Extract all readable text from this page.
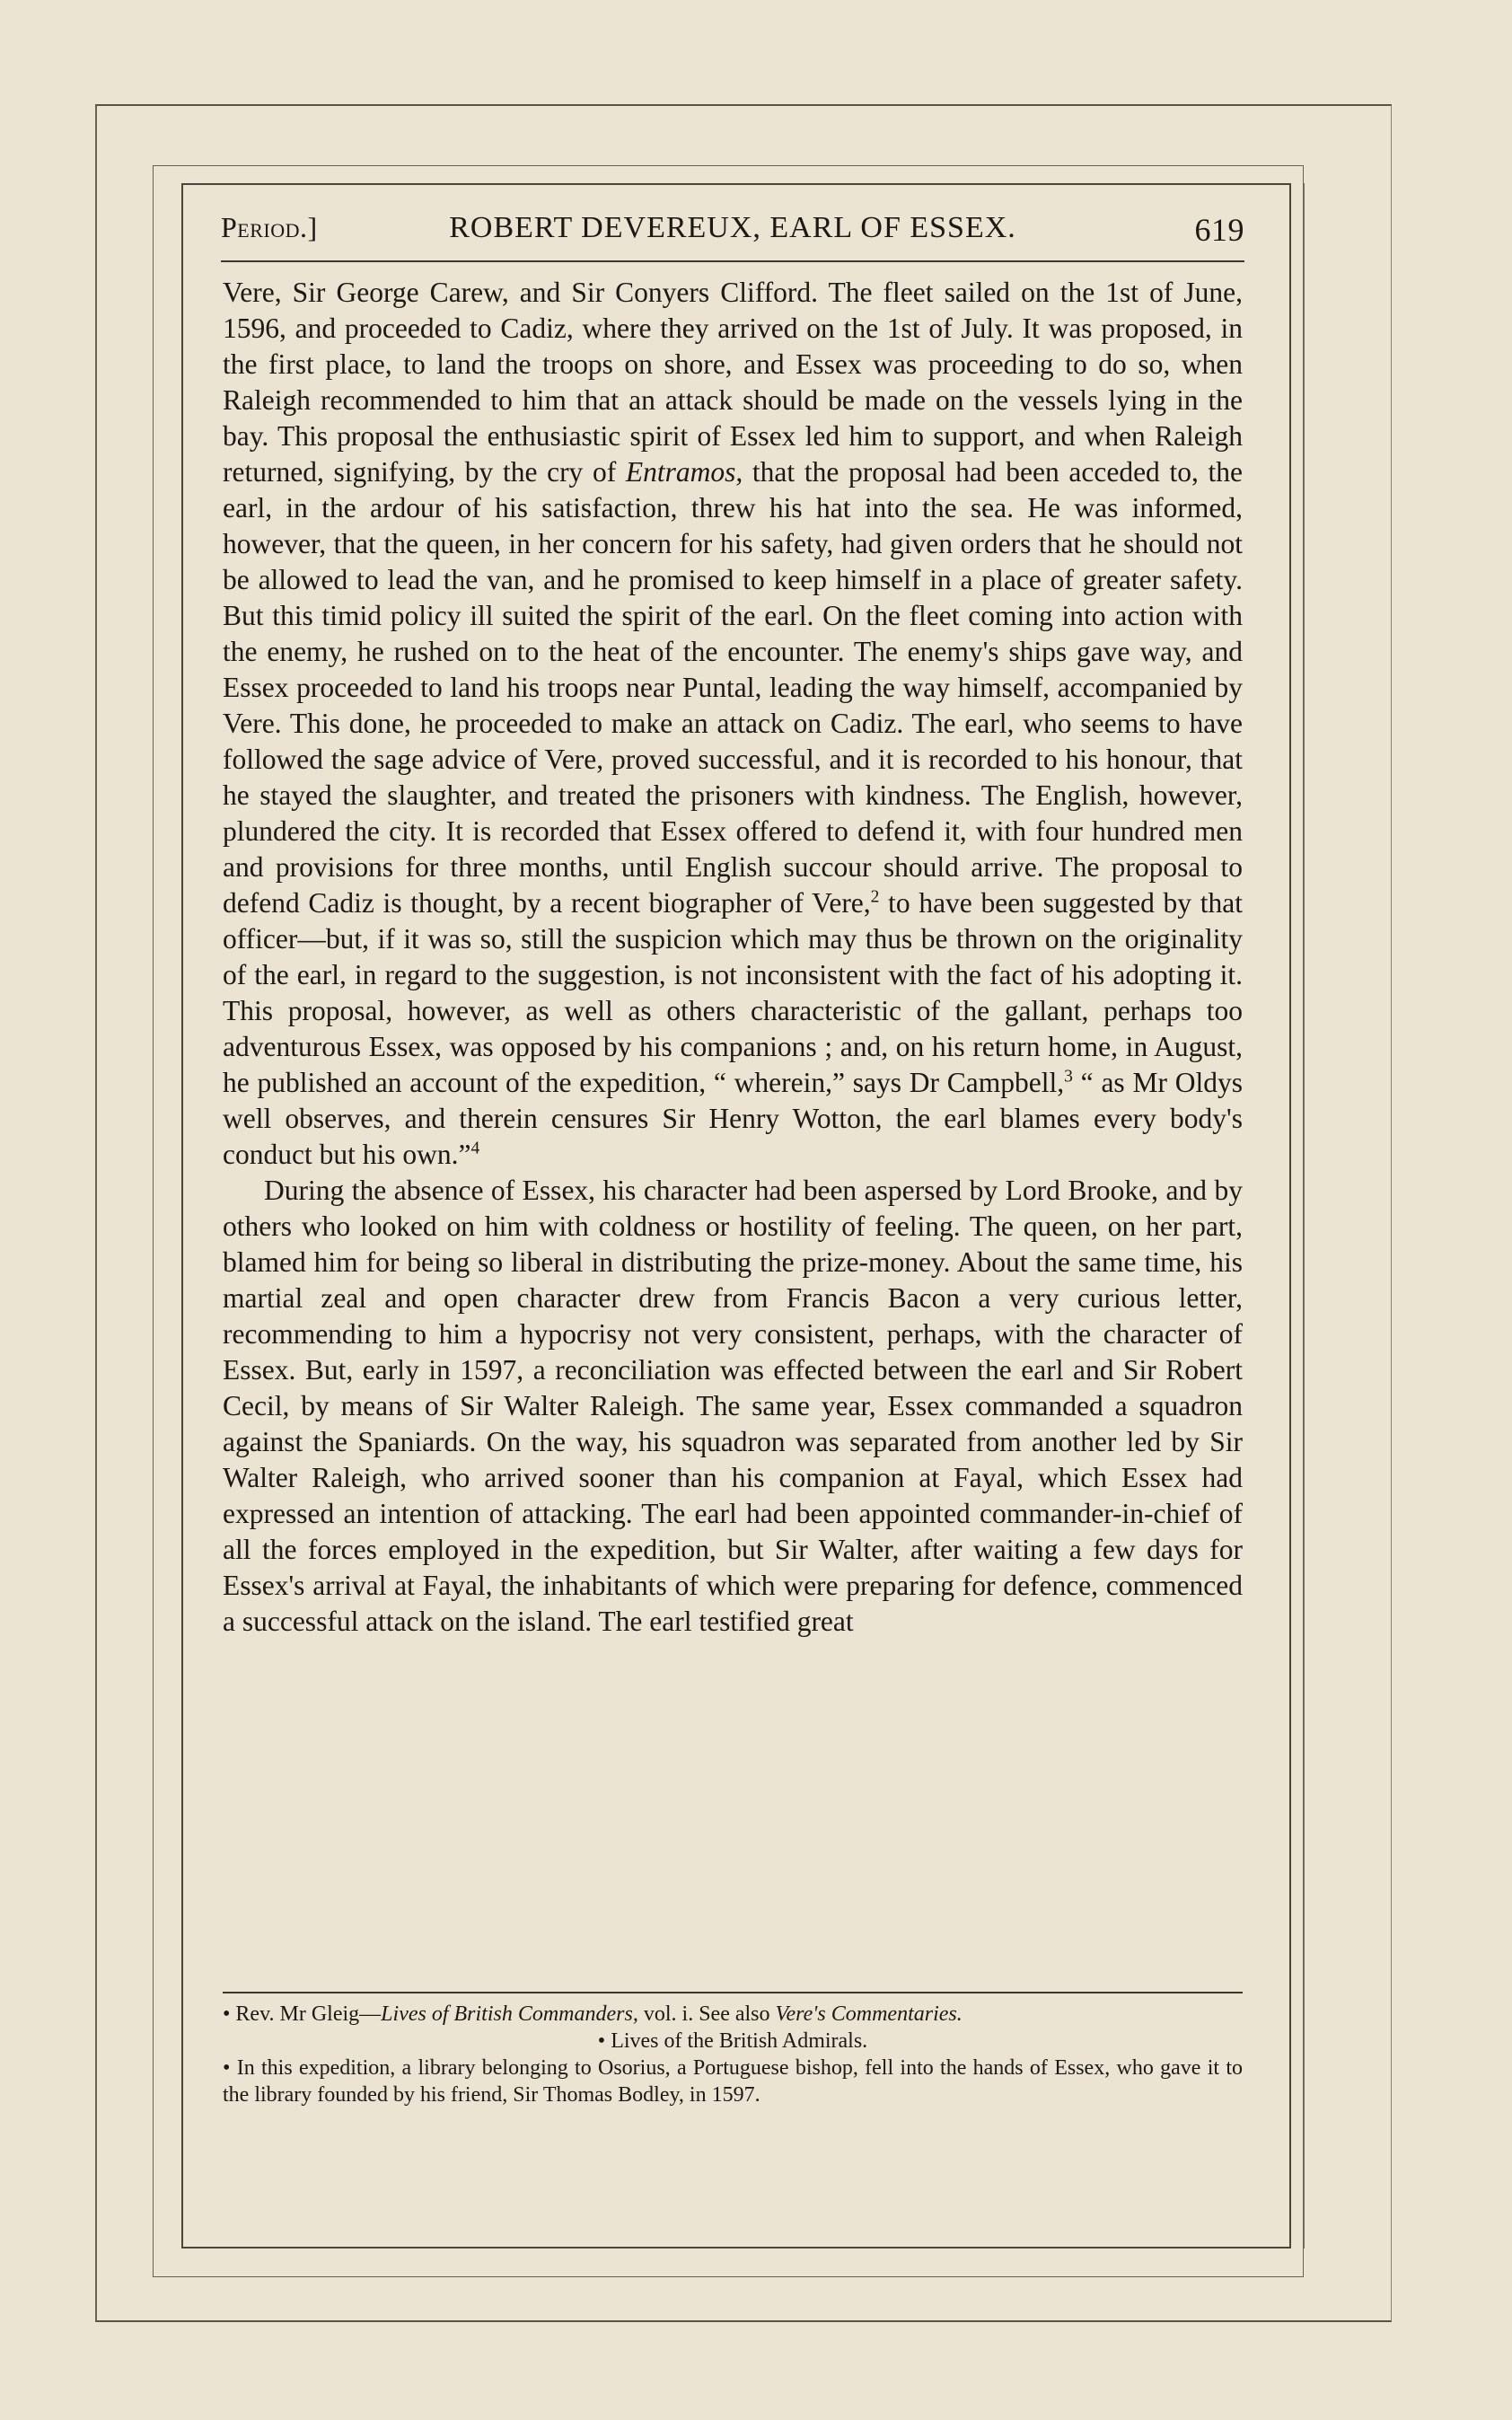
Period.]	ROBERT DEVEREUX, EARL OF ESSEX.	619

Vere, Sir George Carew, and Sir Conyers Clifford. The fleet sailed on the 1st of June, 1596, and proceeded to Cadiz, where they arrived on the 1st of July. It was proposed, in the first place, to land the troops on shore, and Essex was proceeding to do so, when Raleigh recommended to him that an attack should be made on the vessels lying in the bay. This proposal the enthusiastic spirit of Essex led him to support, and when Raleigh returned, signifying, by the cry of Entramos, that the proposal had been acceded to, the earl, in the ardour of his satisfaction, threw his hat into the sea. He was informed, however, that the queen, in her concern for his safety, had given orders that he should not be allowed to lead the van, and he promised to keep himself in a place of greater safety. But this timid policy ill suited the spirit of the earl. On the fleet coming into action with the enemy, he rushed on to the heat of the encounter. The enemy's ships gave way, and Essex proceeded to land his troops near Puntal, leading the way himself, accompanied by Vere. This done, he proceeded to make an attack on Cadiz. The earl, who seems to have followed the sage advice of Vere, proved successful, and it is recorded to his honour, that he stayed the slaughter, and treated the prisoners with kindness. The English, however, plundered the city. It is recorded that Essex offered to defend it, with four hundred men and provisions for three months, until English succour should arrive. The proposal to defend Cadiz is thought, by a recent biographer of Vere,$^2$ to have been suggested by that officer—but, if it was so, still the suspicion which may thus be thrown on the originality of the earl, in regard to the suggestion, is not inconsistent with the fact of his adopting it. This proposal, however, as well as others characteristic of the gallant, perhaps too adventurous Essex, was opposed by his companions ; and, on his return home, in August, he published an account of the expedition, “ wherein,” says Dr Campbell,$^3$ “ as Mr Oldys well observes, and therein censures Sir Henry Wotton, the earl blames every body's conduct but his own.”$^4$

During the absence of Essex, his character had been aspersed by Lord Brooke, and by others who looked on him with coldness or hostility of feeling. The queen, on her part, blamed him for being so liberal in distributing the prize-money. About the same time, his martial zeal and open character drew from Francis Bacon a very curious letter, recommending to him a hypocrisy not very consistent, perhaps, with the character of Essex. But, early in 1597, a reconciliation was effected between the earl and Sir Robert Cecil, by means of Sir Walter Raleigh. The same year, Essex commanded a squadron against the Spaniards. On the way, his squadron was separated from another led by Sir Walter Raleigh, who arrived sooner than his companion at Fayal, which Essex had expressed an intention of attacking. The earl had been appointed commander-in-chief of all the forces employed in the expedition, but Sir Walter, after waiting a few days for Essex's arrival at Fayal, the inhabitants of which were preparing for defence, commenced a successful attack on the island. The earl testified great

• Rev. Mr Gleig—Lives of British Commanders, vol. i. See also Vere's Commentaries.

• Lives of the British Admirals.

• In this expedition, a library belonging to Osorius, a Portuguese bishop, fell into the hands of Essex, who gave it to the library founded by his friend, Sir Thomas Bodley, in 1597.
